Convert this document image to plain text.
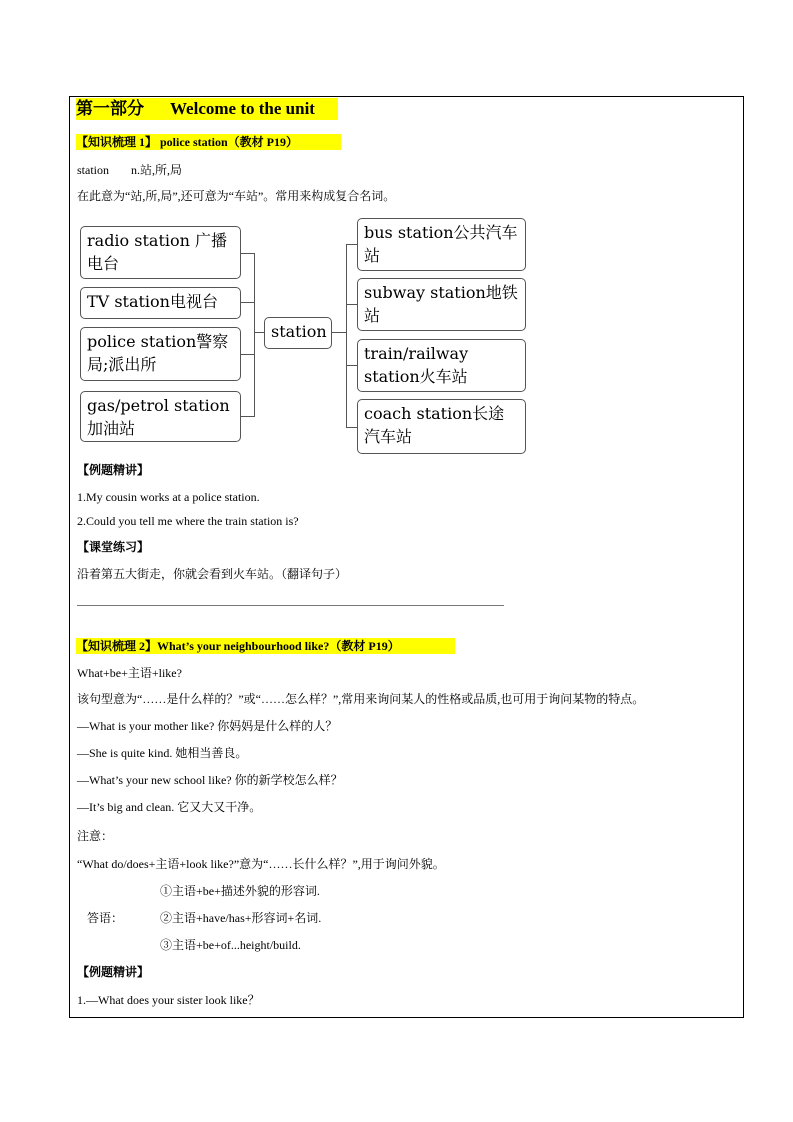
第一部分 Welcome to the unit
【知识梳理 1】 police station（教材 P19）
station n.站,所,局
在此意为“站,所,局”,还可意为“车站”。常用来构成复合名词。
radio station 广播电台
TV station电视台
police station警察局;派出所
gas/petrol station加油站
station
bus station公共汽车站
subway station地铁站
train/railway station火车站
coach station长途汽车站
【例题精讲】
1.My cousin works at a police station.
2.Could you tell me where the train station is?
【课堂练习】
沿着第五大街走，你就会看到火车站。（翻译句子）
【知识梳理 2】What’s your neighbourhood like?（教材 P19）
What+be+主语+like?
该句型意为“……是什么样的？”或“……怎么样？”,常用来询问某人的性格或品质,也可用于询问某物的特点。
—What is your mother like? 你妈妈是什么样的人？
—She is quite kind. 她相当善良。
—What’s your new school like? 你的新学校怎么样？
—It’s big and clean. 它又大又干净。
注意：
“What do/does+主语+look like?”意为“……长什么样？”,用于询问外貌。
①主语+be+描述外貌的形容词.
答语：	②主语+have/has+形容词+名词.
③主语+be+of...height/build.
【例题精讲】
1.—What does your sister look like？
